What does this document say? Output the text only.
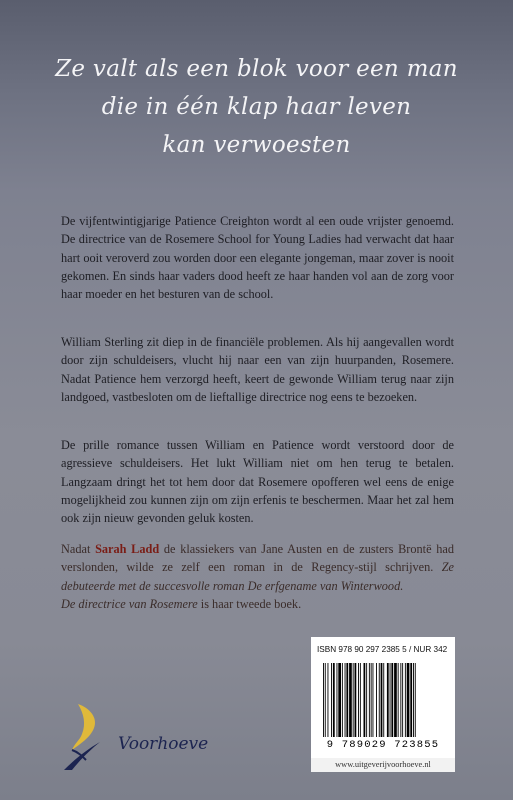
Ze valt als een blok voor een man
die in één klap haar leven
kan verwoesten

De vijfentwintigjarige Patience Creighton wordt al een oude vrijster genoemd. De directrice van de Rosemere School for Young Ladies had verwacht dat haar hart ooit veroverd zou worden door een elegante jongeman, maar zover is nooit gekomen. En sinds haar vaders dood heeft ze haar handen vol aan de zorg voor haar moeder en het besturen van de school.

William Sterling zit diep in de financiële problemen. Als hij aangevallen wordt door zijn schuldeisers, vlucht hij naar een van zijn huurpanden, Rosemere. Nadat Patience hem verzorgd heeft, keert de gewonde William terug naar zijn landgoed, vastbesloten om de lieftallige directrice nog eens te bezoeken.

De prille romance tussen William en Patience wordt verstoord door de agressieve schuldeisers. Het lukt William niet om hen terug te betalen. Langzaam dringt het tot hem door dat Rosemere opofferen wel eens de enige mogelijkheid zou kunnen zijn om zijn erfenis te beschermen. Maar het zal hem ook zijn nieuw gevonden geluk kosten.

Nadat Sarah Ladd de klassiekers van Jane Austen en de zusters Brontë had verslonden, wilde ze zelf een roman in de Regency-stijl schrijven. Ze debuteerde met de succesvolle roman De erfgename van Winterwood.
De directrice van Rosemere is haar tweede boek.

Voorhoeve
ISBN 978 90 297 2385 5 / NUR 342
9 789029 723855
www.uitgeverijvoorhoeve.nl
